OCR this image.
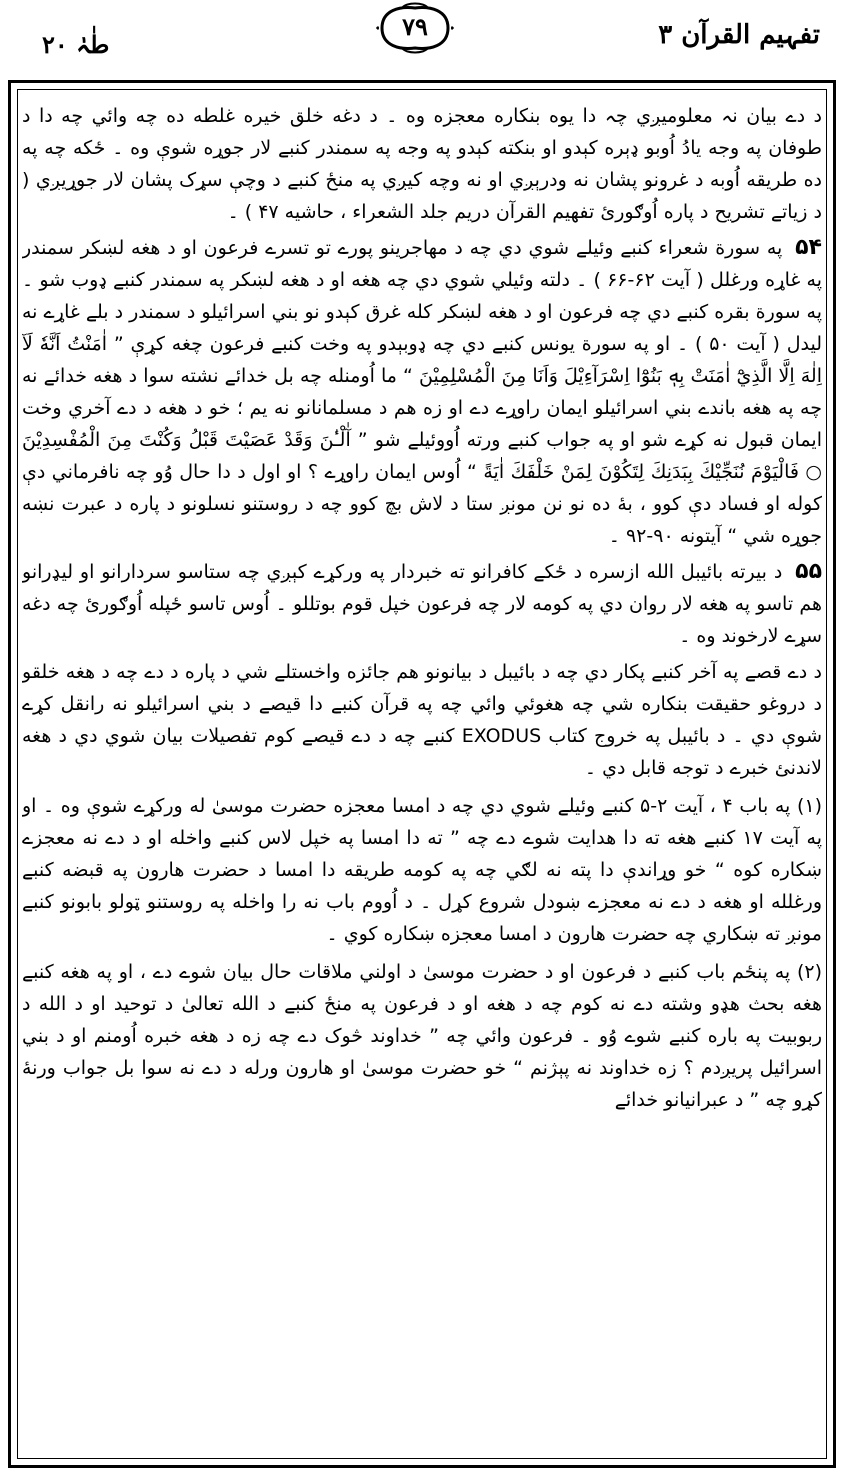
طٰہٰ ۲۰
۷۹	تفہیم القرآن ۳

د دے بیان نہ معلومیږي چہ دا یوه بنکاره معجزه وه ۔ د دغه خلق خیره غلطه ده چه وائي چه دا د طوفان په وجه یادُ اُوبو ډېره کېدو او بنکته کېدو په وجه په سمندر کنبے لار جوړه شوې وه ۔ ځکه چه په ده طریقه اُوبه د غرونو پشان نه ودرېږي او نه وچه کیږي په منځ کنبے د وچې سړک پشان لار جوړیږي ( د زیاتے تشریح د پاره اُوګورئ تفهیم القرآن دریم جلد الشعراء ، حاشیه ۴۷ ) ۔

۵۴ په سورة شعراء کنبے وئیلے شوي دي چه د مهاجرینو پورے تو تسرے فرعون او د هغه لښکر سمندر په غاړه ورغلل ( آیت ۶۲-۶۶ ) ۔ دلته وئیلي شوي دي چه هغه او د هغه لښکر په سمندر کنبے ډوب شو ۔ په سورة بقره کنبے دي چه فرعون او د هغه لښکر کله غرق کېدو نو بني اسرائیلو د سمندر د بلے غاړے نه لیدل ( آیت ۵۰ ) ۔ او په سورة یونس کنبے دي چه ډوبېدو په وخت کنبے فرعون چغه کړې ” اٰمَنْتُ اَنَّهٗ لَآ اِلٰهَ اِلَّا الَّذِيْٓ اٰمَنَتْ بِهٖ بَنُوْٓا اِسْرَآءِيْلَ وَاَنَا مِنَ الْمُسْلِمِيْنَ “ ما اُومنله چه بل خدائے نشته سوا د هغه خدائے نه چه په هغه باندے بني اسرائیلو ایمان راوړے دے او زه هم د مسلمانانو نه یم ؛ خو د هغه د دے آخري وخت ایمان قبول نه کړے شو او په جواب کنبے ورته اُووئیلے شو ” آٰلْـٰٔنَ وَقَدْ عَصَيْتَ قَبْلُ وَكُنْتَ مِنَ الْمُفْسِدِيْنَ ○ فَالْيَوْمَ نُنَجِّيْكَ بِبَدَنِكَ لِتَكُوْنَ لِمَنْ خَلْفَكَ اٰيَةً “ اُوس ایمان راوړے ؟ او اول د دا حال وُو چه نافرماني دې کوله او فساد دې کوو ، بهٔ ده نو نن مونږ ستا د لاش بچ کوو چه د روستنو نسلونو د پاره د عبرت نښه جوړه شي “ آیتونه ۹۰-۹۲ ۔

۵۵ د بیرته بائیبل الله ازسره د ځکے کافرانو ته خبردار په ورکړے کېږي چه ستاسو سردارانو او لیډرانو هم تاسو په هغه لار روان دي په کومه لار چه فرعون خپل قوم بوتللو ۔ اُوس تاسو ځپله اُوګورئ چه دغه سړے لارخوند وه ۔

د دے قصے په آخر کنبے پکار دي چه د بائیبل د بیانونو هم جائزه واخستلے شي د پاره د دے چه د هغه خلقو د دروغو حقیقت بنکاره شي چه هغوئي وائي چه په قرآن کنبے دا قیصے د بني اسرائیلو نه رانقل کړے شوې دي ۔ د بائیبل په خروج کتاب EXODUS کنبے چه د دے قیصے کوم تفصیلات بیان شوي دي د هغه لاندنئ خبرے د توجه قابل دي ۔

(۱) په باب ۴ ، آیت ۲-۵ کنبے وئیلے شوي دي چه د امسا معجزه حضرت موسیٰ له ورکړے شوې وه ۔ او په آیت ۱۷ کنبے هغه ته دا هدایت شوے دے چه ” ته دا امسا په خپل لاس کنبے واخله او د دے نه معجزے ښکاره کوه “ خو وړاندې دا پته نه لګي چه په کومه طریقه دا امسا د حضرت هارون په قبضه کنبے ورغلله او هغه د دے نه معجزے ښودل شروع کړل ۔ د اُووم باب نه را واخله په روستنو ټولو بابونو کنبے مونږ ته ښکاري چه حضرت هارون د امسا معجزه ښکاره کوي ۔

(۲) په پنځم باب کنبے د فرعون او د حضرت موسیٰ د اولني ملاقات حال بیان شوے دے ، او په هغه کنبے هغه بحث هډو وشته دے نه کوم چه د هغه او د فرعون په منځ کنبے د الله تعالیٰ د توحید او د الله د ربوبیت په باره کنبے شوے وُو ۔ فرعون وائي چه ” خداوند څوک دے چه زه د هغه خبره اُومنم او د بني اسرائیل پریږدم ؟ زه خداوند نه پېژنم “ خو حضرت موسیٰ او هارون ورله د دے نه سوا بل جواب ورنهٔ کړو چه ” د عبرانیانو خدائے
